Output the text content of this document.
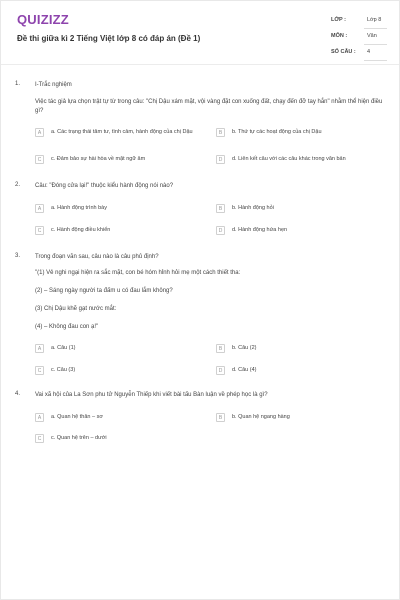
QUIZIZZ
Đề thi giữa kì 2 Tiếng Việt lớp 8 có đáp án (Đề 1)
LỚP :	Lớp 8
MÔN :	Văn
SỐ CÂU : 4
1. I-Trắc nghiệm
Việc tác giả lựa chọn trật tự từ trong câu: "Chị Dậu xám mặt, vội vàng đặt con xuống đất, chạy đến đỡ tay hắn" nhằm thể hiện điều gì?
A	a. Các trạng thái tâm tư, tình cảm, hành động của chị Dậu	B	b. Thứ tự các hoạt động của chị Dậu
C	c. Đảm bảo sự hài hòa về mặt ngữ âm	D	d. Liên kết câu với các câu khác trong văn bản
2. Câu: "Đóng cửa lại!" thuộc kiểu hành động nói nào?
A	a. Hành động trình bày	B	b. Hành động hỏi
C	c. Hành động điều khiển	D	d. Hành động hứa hẹn
3. Trong đoạn văn sau, câu nào là câu phủ định?
"(1) Vẻ nghi ngại hiện ra sắc mặt, con bé hóm hỉnh hỏi mẹ một cách thiết tha:
(2) – Sáng ngày người ta đấm u có đau lắm không?
(3) Chị Dậu khẽ gạt nước mắt:
(4) – Không đau con ạ!"
A	a. Câu (1)	B	b. Câu (2)
C	c. Câu (3)	D	d. Câu (4)
4. Vai xã hội của La Sơn phu tử Nguyễn Thiếp khi viết bài tấu Bàn luận về phép học là gì?
A	a. Quan hệ thân – sơ	B	b. Quan hệ ngang hàng
C	c. Quan hệ trên – dưới
